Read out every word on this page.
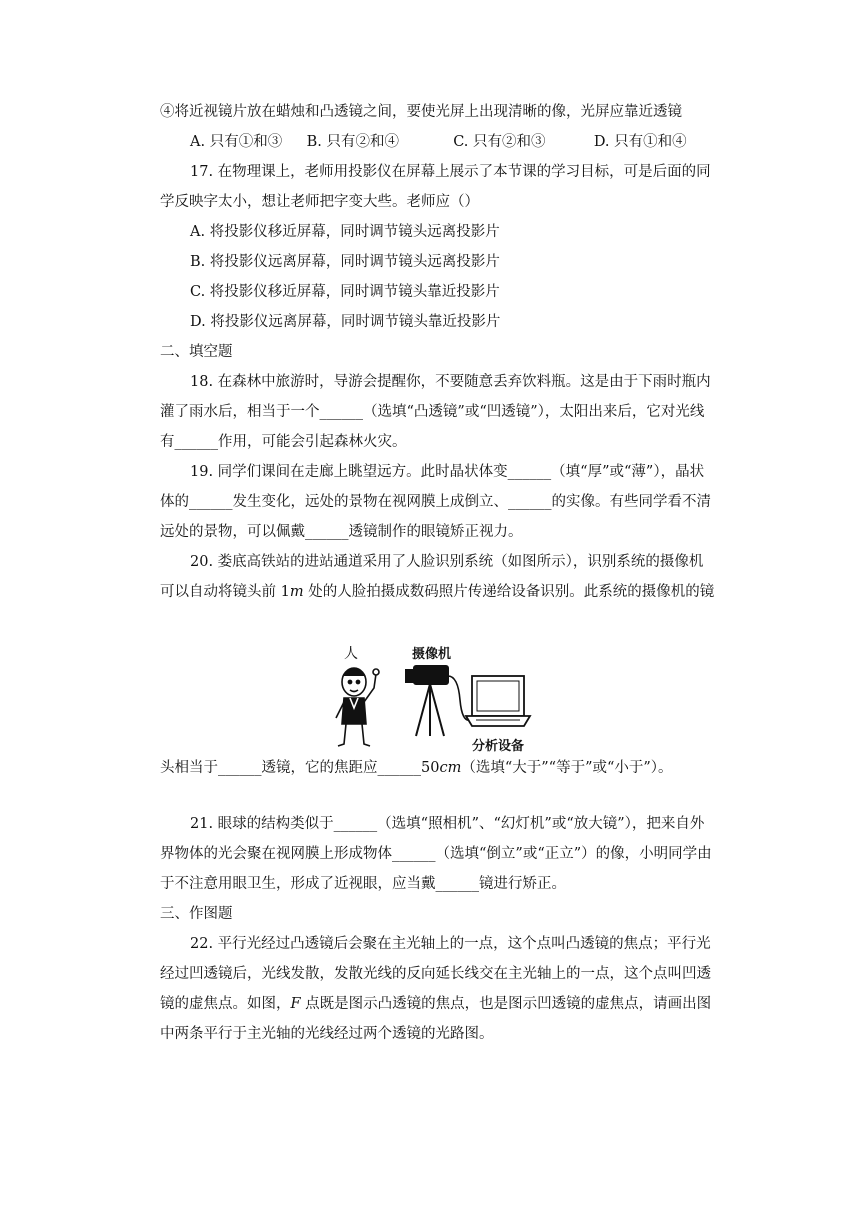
④将近视镜片放在蜡烛和凸透镜之间，要使光屏上出现清晰的像，光屏应靠近透镜
A. 只有①和③ B. 只有②和④	C. 只有②和③	D. 只有①和④
17. 在物理课上，老师用投影仪在屏幕上展示了本节课的学习目标，可是后面的同
学反映字太小，想让老师把字变大些。老师应（）
A. 将投影仪移近屏幕，同时调节镜头远离投影片
B. 将投影仪远离屏幕，同时调节镜头远离投影片
C. 将投影仪移近屏幕，同时调节镜头靠近投影片
D. 将投影仪远离屏幕，同时调节镜头靠近投影片
二、填空题
18. 在森林中旅游时，导游会提醒你，不要随意丢弃饮料瓶。这是由于下雨时瓶内
灌了雨水后，相当于一个______（选填“凸透镜”或“凹透镜”），太阳出来后，它对光线
有______作用，可能会引起森林火灾。
19. 同学们课间在走廊上眺望远方。此时晶状体变______（填“厚”或“薄”），晶状
体的______发生变化，远处的景物在视网膜上成倒立、______的实像。有些同学看不清
远处的景物，可以佩戴______透镜制作的眼镜矫正视力。
20. 娄底高铁站的进站通道采用了人脸识别系统（如图所示），识别系统的摄像机
可以自动将镜头前 1m 处的人脸拍摄成数码照片传递给设备识别。此系统的摄像机的镜
人	摄像机
分析设备
头相当于______透镜，它的焦距应______50cm（选填“大于”“等于”或“小于”）。
21. 眼球的结构类似于______（选填“照相机”、“幻灯机”或“放大镜”），把来自外
界物体的光会聚在视网膜上形成物体______（选填“倒立”或“正立”）的像，小明同学由
于不注意用眼卫生，形成了近视眼，应当戴______镜进行矫正。
三、作图题
22. 平行光经过凸透镜后会聚在主光轴上的一点，这个点叫凸透镜的焦点；平行光
经过凹透镜后，光线发散，发散光线的反向延长线交在主光轴上的一点，这个点叫凹透
镜的虚焦点。如图，F 点既是图示凸透镜的焦点，也是图示凹透镜的虚焦点，请画出图
中两条平行于主光轴的光线经过两个透镜的光路图。
